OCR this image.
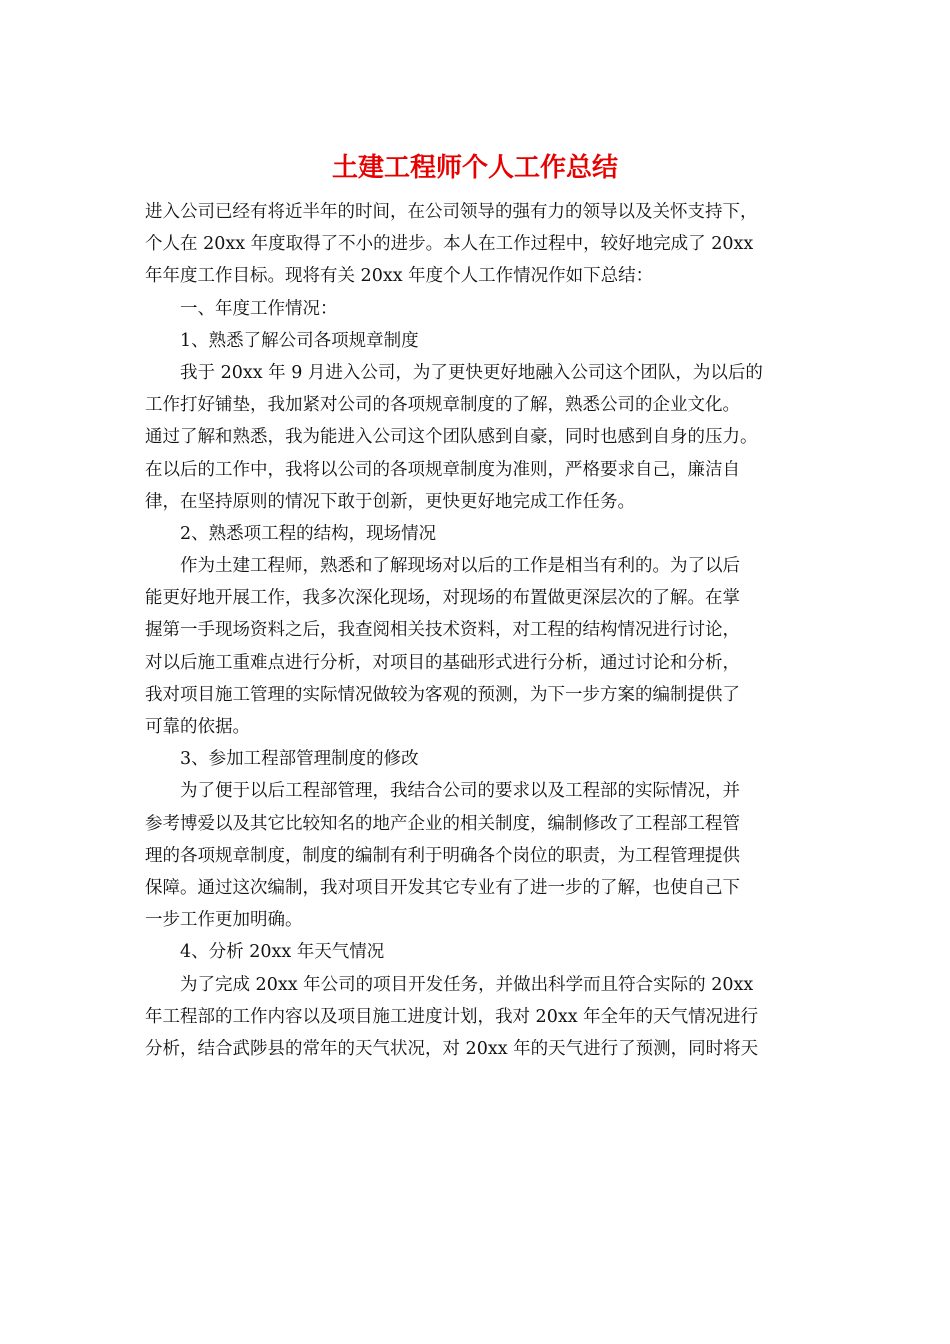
土建工程师个人工作总结

进入公司已经有将近半年的时间，在公司领导的强有力的领导以及关怀支持下，

个人在 20xx 年度取得了不小的进步。本人在工作过程中，较好地完成了 20xx

年年度工作目标。现将有关 20xx 年度个人工作情况作如下总结：

一、年度工作情况：

1、熟悉了解公司各项规章制度

我于 20xx 年 9 月进入公司，为了更快更好地融入公司这个团队，为以后的

工作打好铺垫，我加紧对公司的各项规章制度的了解，熟悉公司的企业文化。

通过了解和熟悉，我为能进入公司这个团队感到自豪，同时也感到自身的压力。

在以后的工作中，我将以公司的各项规章制度为准则，严格要求自己，廉洁自

律，在坚持原则的情况下敢于创新，更快更好地完成工作任务。

2、熟悉项工程的结构，现场情况

作为土建工程师，熟悉和了解现场对以后的工作是相当有利的。为了以后

能更好地开展工作，我多次深化现场，对现场的布置做更深层次的了解。在掌

握第一手现场资料之后，我查阅相关技术资料，对工程的结构情况进行讨论，

对以后施工重难点进行分析，对项目的基础形式进行分析，通过讨论和分析，

我对项目施工管理的实际情况做较为客观的预测，为下一步方案的编制提供了

可靠的依据。

3、参加工程部管理制度的修改

为了便于以后工程部管理，我结合公司的要求以及工程部的实际情况，并

参考博爱以及其它比较知名的地产企业的相关制度，编制修改了工程部工程管

理的各项规章制度，制度的编制有利于明确各个岗位的职责，为工程管理提供

保障。通过这次编制，我对项目开发其它专业有了进一步的了解，也使自己下

一步工作更加明确。

4、分析 20xx 年天气情况

为了完成 20xx 年公司的项目开发任务，并做出科学而且符合实际的 20xx

年工程部的工作内容以及项目施工进度计划，我对 20xx 年全年的天气情况进行

分析，结合武陟县的常年的天气状况，对 20xx 年的天气进行了预测，同时将天
